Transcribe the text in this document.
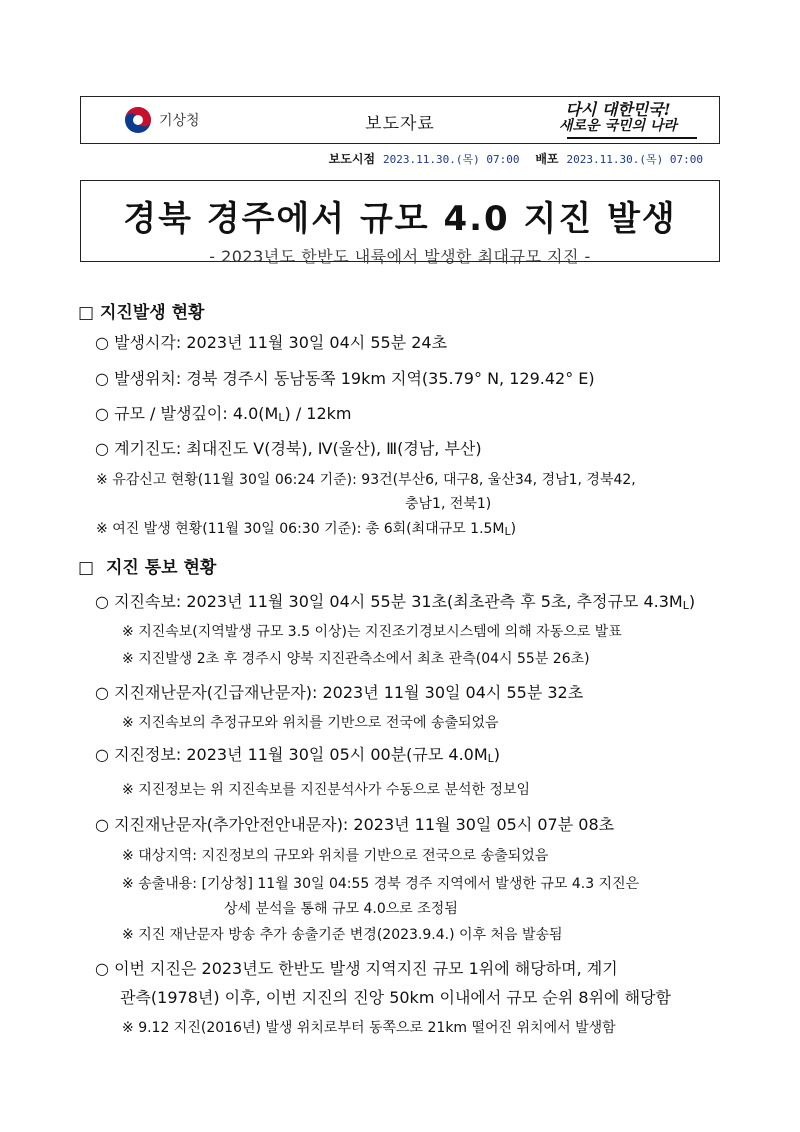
기상청	보도자료
다시 대한민국!
새로운 국민의 나라
보도시점 2023.11.30.(목) 07:00 배포 2023.11.30.(목) 07:00
경북 경주에서 규모 4.0 지진 발생
- 2023년도 한반도 내륙에서 발생한 최대규모 지진 -
□ 지진발생 현황
○ 발생시각: 2023년 11월 30일 04시 55분 24초
○ 발생위치: 경북 경주시 동남동쪽 19km 지역(35.79° N, 129.42° E)
○ 규모 / 발생깊이: 4.0(ML) / 12km
○ 계기진도: 최대진도 Ⅴ(경북), Ⅳ(울산), Ⅲ(경남, 부산)
※ 유감신고 현황(11월 30일 06:24 기준): 93건(부산6, 대구8, 울산34, 경남1, 경북42,
충남1, 전북1)
※ 여진 발생 현황(11월 30일 06:30 기준): 총 6회(최대규모 1.5ML)
□ 지진 통보 현황
○ 지진속보: 2023년 11월 30일 04시 55분 31초(최초관측 후 5초, 추정규모 4.3ML)
※ 지진속보(지역발생 규모 3.5 이상)는 지진조기경보시스템에 의해 자동으로 발표
※ 지진발생 2초 후 경주시 양북 지진관측소에서 최초 관측(04시 55분 26초)
○ 지진재난문자(긴급재난문자): 2023년 11월 30일 04시 55분 32초
※ 지진속보의 추정규모와 위치를 기반으로 전국에 송출되었음
○ 지진정보: 2023년 11월 30일 05시 00분(규모 4.0ML)
※ 지진정보는 위 지진속보를 지진분석사가 수동으로 분석한 정보임
○ 지진재난문자(추가안전안내문자): 2023년 11월 30일 05시 07분 08초
※ 대상지역: 지진정보의 규모와 위치를 기반으로 전국으로 송출되었음
※ 송출내용: [기상청] 11월 30일 04:55 경북 경주 지역에서 발생한 규모 4.3 지진은
상세 분석을 통해 규모 4.0으로 조정됨
※ 지진 재난문자 방송 추가 송출기준 변경(2023.9.4.) 이후 처음 발송됨
○ 이번 지진은 2023년도 한반도 발생 지역지진 규모 1위에 해당하며, 계기
관측(1978년) 이후, 이번 지진의 진앙 50km 이내에서 규모 순위 8위에 해당함
※ 9.12 지진(2016년) 발생 위치로부터 동쪽으로 21km 떨어진 위치에서 발생함
